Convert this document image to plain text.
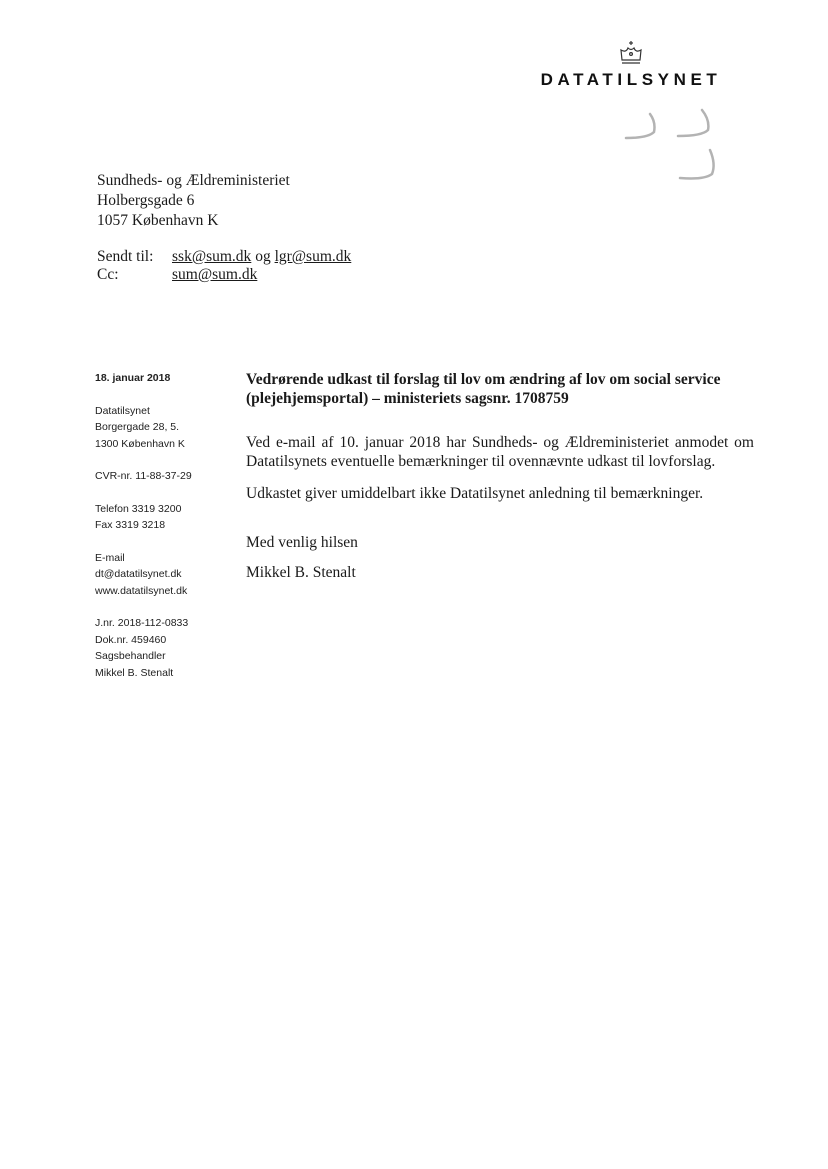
DATATILSYNET
Sundheds- og Ældreministeriet
Holbergsgade 6
1057 København K
Sendt til:	ssk@sum.dk og lgr@sum.dk
Cc:	sum@sum.dk
18. januar 2018
Datatilsynet
Borgergade 28, 5.
1300 København K
CVR-nr. 11-88-37-29
Telefon 3319 3200
Fax 3319 3218
E-mail
dt@datatilsynet.dk
www.datatilsynet.dk
J.nr. 2018-112-0833
Dok.nr. 459460
Sagsbehandler
Mikkel B. Stenalt

Vedrørende udkast til forslag til lov om ændring af lov om social service (plejehjemsportal) – ministeriets sagsnr. 1708759

Ved e-mail af 10. januar 2018 har Sundheds- og Ældreministeriet anmodet om Datatilsynets eventuelle bemærkninger til ovennævnte udkast til lovforslag.

Udkastet giver umiddelbart ikke Datatilsynet anledning til bemærkninger.

Med venlig hilsen
Mikkel B. Stenalt
